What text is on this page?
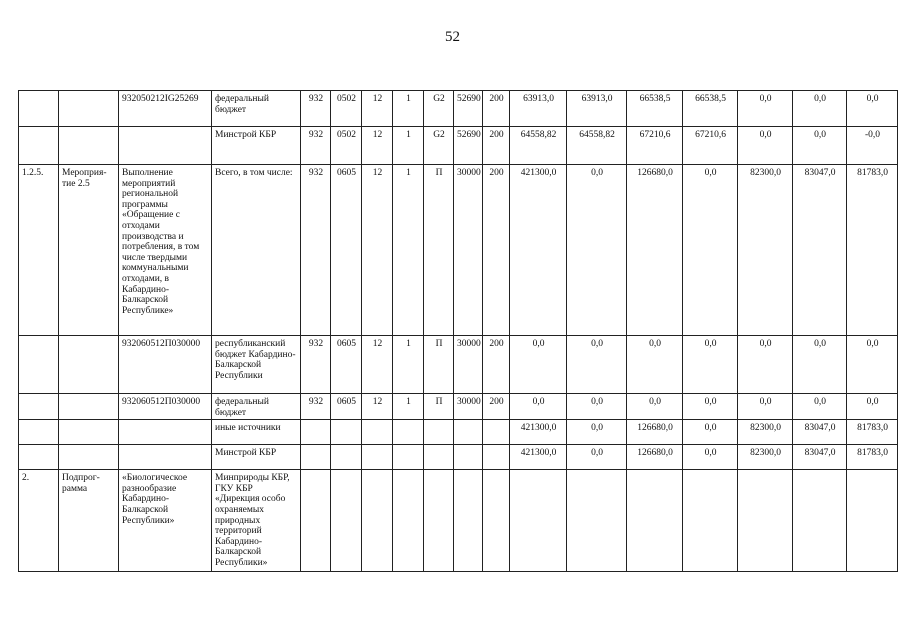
52
		932050212IG25269	федеральный бюджет	932	0502	12	1	G2	52690	200	63913,0	63913,0	66538,5	66538,5	0,0	0,0	0,0
			Минстрой КБР	932	0502	12	1	G2	52690	200	64558,82	64558,82	67210,6	67210,6	0,0	0,0	-0,0
1.2.5.	Мероприя-тие 2.5	Выполнение мероприятий региональной программы «Обращение с отходами производства и потребления, в том числе твердыми коммунальными отходами, в Кабардино-Балкарской Республике»	Всего, в том числе:	932	0605	12	1	П	30000	200	421300,0	0,0	126680,0	0,0	82300,0	83047,0	81783,0
		932060512П030000	республиканский бюджет Кабардино-Балкарской Республики	932	0605	12	1	П	30000	200	0,0	0,0	0,0	0,0	0,0	0,0	0,0
		932060512П030000	федеральный бюджет	932	0605	12	1	П	30000	200	0,0	0,0	0,0	0,0	0,0	0,0	0,0
			иные источники								421300,0	0,0	126680,0	0,0	82300,0	83047,0	81783,0
			Минстрой КБР								421300,0	0,0	126680,0	0,0	82300,0	83047,0	81783,0
2.	Подпрог-рамма	«Биологическое разнообразие Кабардино-Балкарской Республики»	Минприроды КБР, ГКУ КБР «Дирекция особо охраняемых природных территорий Кабардино-Балкарской Республики»														
